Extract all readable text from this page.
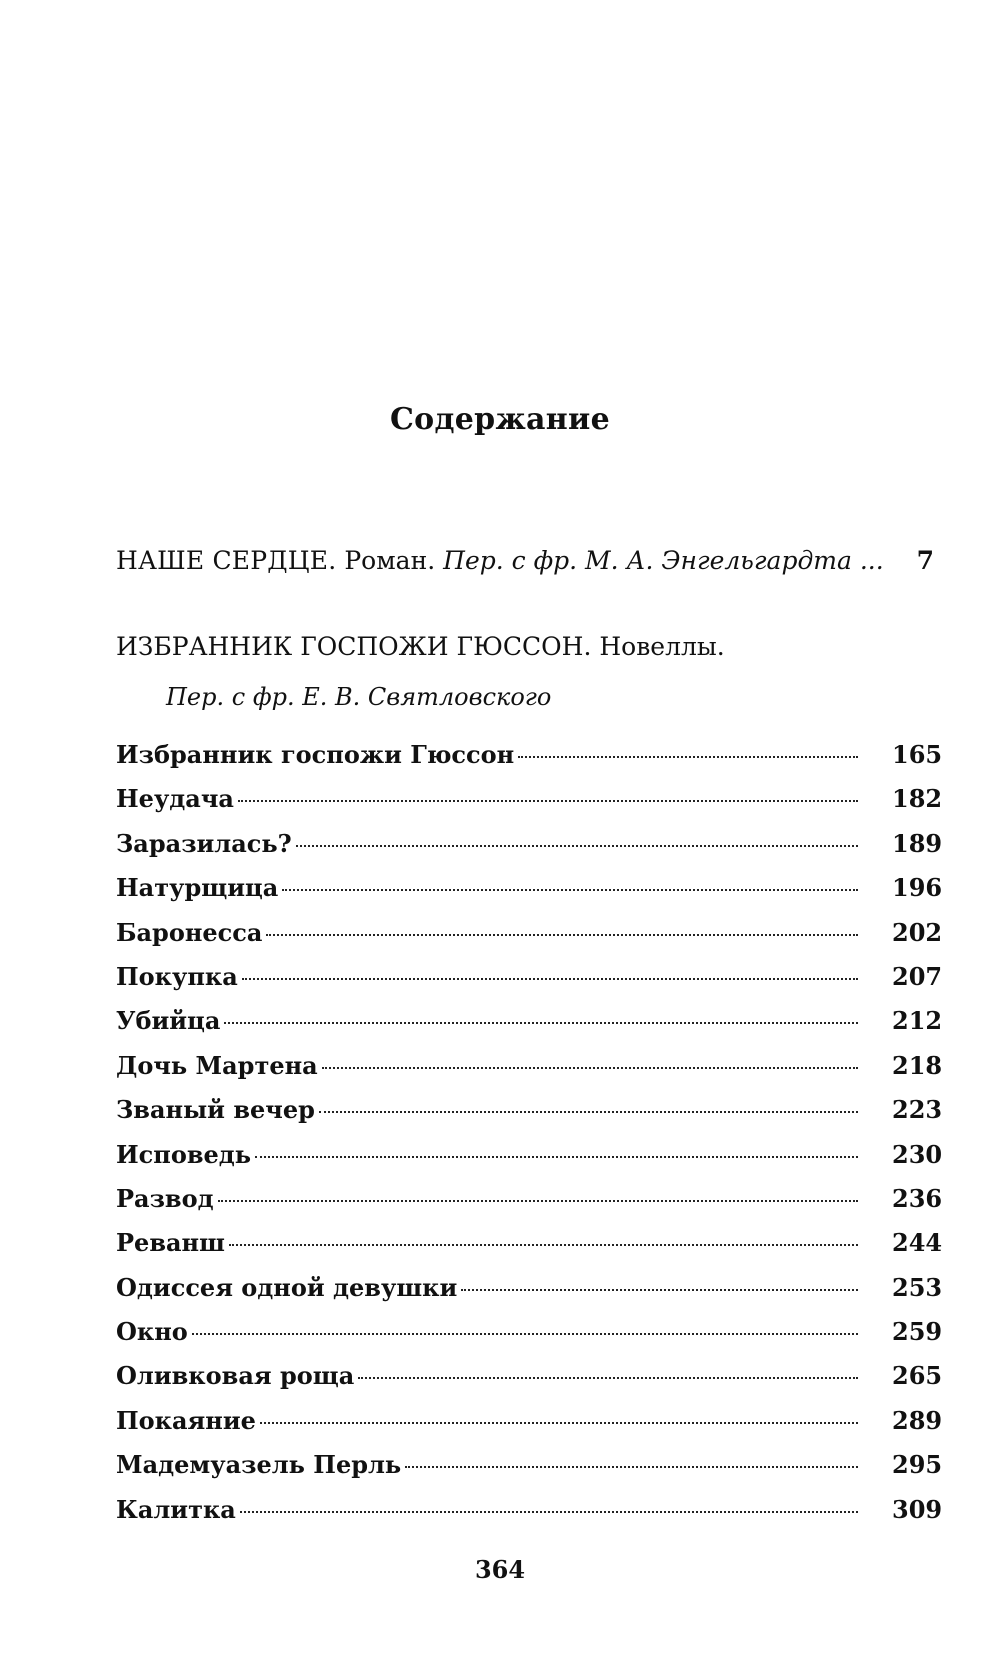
Содержание
НАШЕ СЕРДЦЕ. Роман. Пер. с фр. М. А. Энгельгардта ...	7
ИЗБРАННИК ГОСПОЖИ ГЮССОН. Новеллы.
Пер. с фр. Е. В. Святловского
Избранник госпожи Гюссон	165
Неудача	182
Заразилась?	189
Натурщица	196
Баронесса	202
Покупка	207
Убийца	212
Дочь Мартена	218
Званый вечер	223
Исповедь	230
Развод	236
Реванш	244
Одиссея одной девушки	253
Окно	259
Оливковая роща	265
Покаяние	289
Мадемуазель Перль	295
Калитка	309
364
